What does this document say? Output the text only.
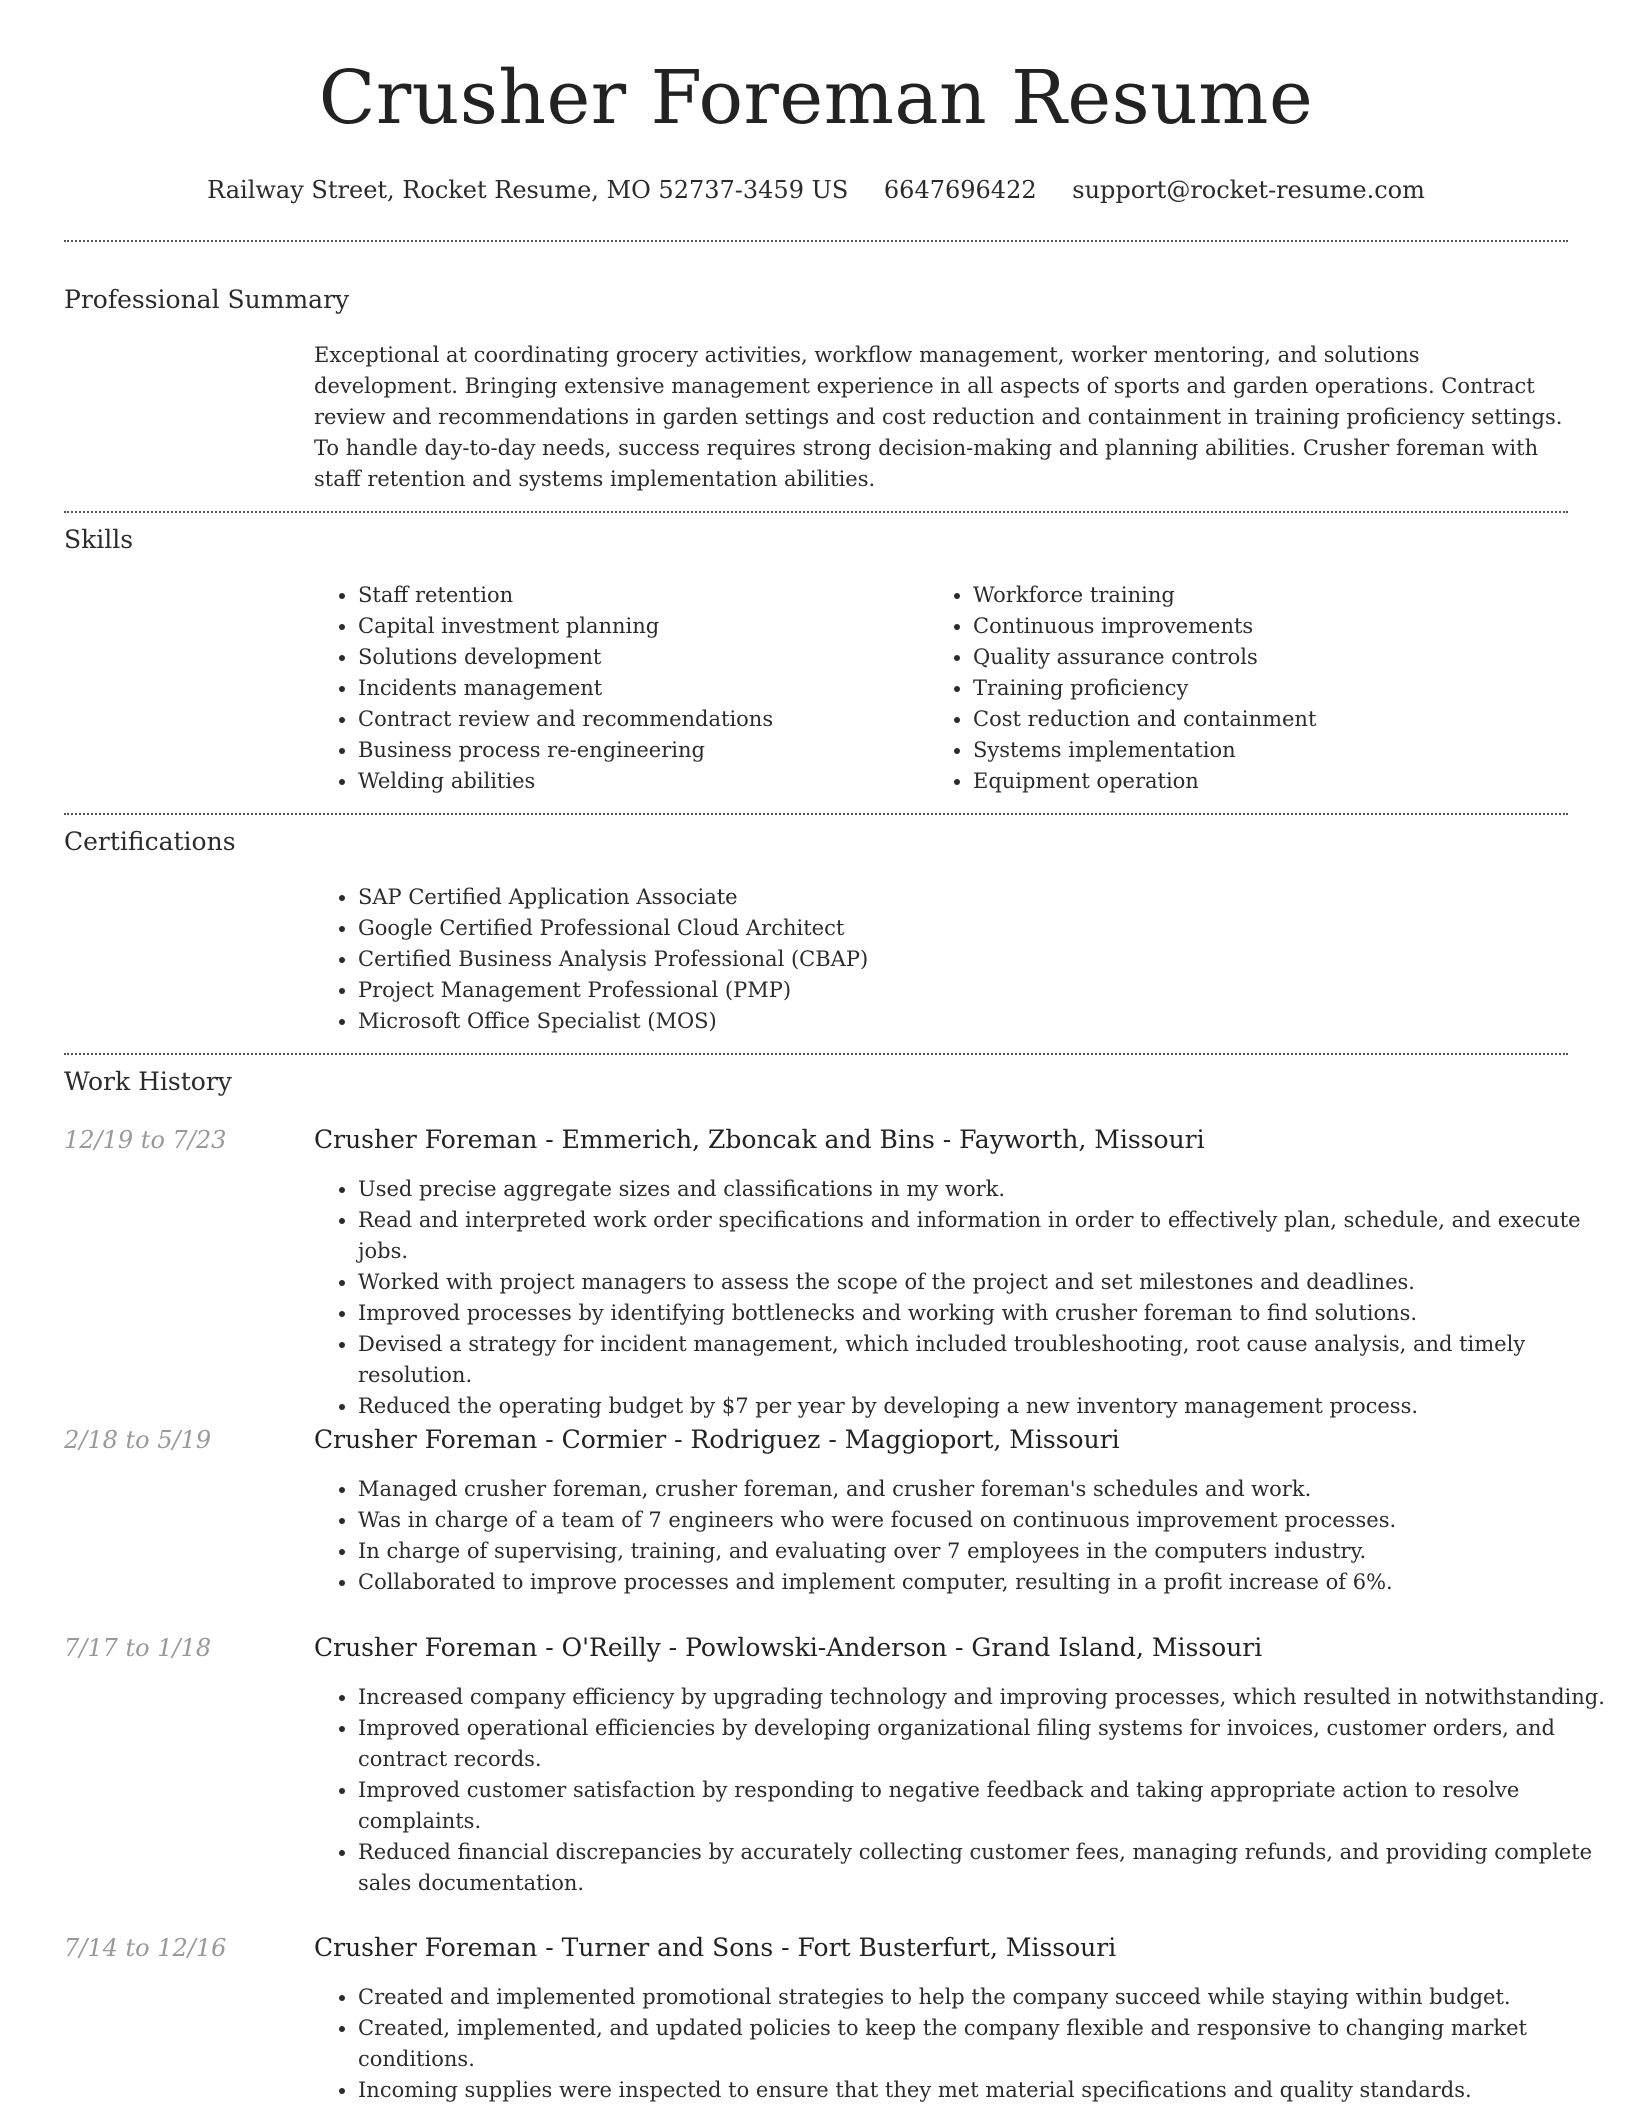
Crusher Foreman Resume
Railway Street, Rocket Resume, MO 52737-3459 US 6647696422 support@rocket-resume.com
Professional Summary

Exceptional at coordinating grocery activities, workflow management, worker mentoring, and solutions development. Bringing extensive management experience in all aspects of sports and garden operations. Contract review and recommendations in garden settings and cost reduction and containment in training proficiency settings. To handle day-to-day needs, success requires strong decision-making and planning abilities. Crusher foreman with staff retention and systems implementation abilities.

Skills
• Staff retention
• Capital investment planning
• Solutions development
• Incidents management
• Contract review and recommendations
• Business process re-engineering
• Welding abilities
• Workforce training
• Continuous improvements
• Quality assurance controls
• Training proficiency
• Cost reduction and containment
• Systems implementation
• Equipment operation
Certifications
• SAP Certified Application Associate
• Google Certified Professional Cloud Architect
• Certified Business Analysis Professional (CBAP)
• Project Management Professional (PMP)
• Microsoft Office Specialist (MOS)
Work History
12/19 to 7/23	Crusher Foreman - Emmerich, Zboncak and Bins - Fayworth, Missouri
• Used precise aggregate sizes and classifications in my work.
• Read and interpreted work order specifications and information in order to effectively plan, schedule, and execute jobs.
• Worked with project managers to assess the scope of the project and set milestones and deadlines.
• Improved processes by identifying bottlenecks and working with crusher foreman to find solutions.
• Devised a strategy for incident management, which included troubleshooting, root cause analysis, and timely resolution.
• Reduced the operating budget by $7 per year by developing a new inventory management process.
2/18 to 5/19	Crusher Foreman - Cormier - Rodriguez - Maggioport, Missouri
• Managed crusher foreman, crusher foreman, and crusher foreman's schedules and work.
• Was in charge of a team of 7 engineers who were focused on continuous improvement processes.
• In charge of supervising, training, and evaluating over 7 employees in the computers industry.
• Collaborated to improve processes and implement computer, resulting in a profit increase of 6%.
7/17 to 1/18	Crusher Foreman - O'Reilly - Powlowski-Anderson - Grand Island, Missouri
• Increased company efficiency by upgrading technology and improving processes, which resulted in notwithstanding.
• Improved operational efficiencies by developing organizational filing systems for invoices, customer orders, and contract records.
• Improved customer satisfaction by responding to negative feedback and taking appropriate action to resolve complaints.
• Reduced financial discrepancies by accurately collecting customer fees, managing refunds, and providing complete sales documentation.
7/14 to 12/16	Crusher Foreman - Turner and Sons - Fort Busterfurt, Missouri
• Created and implemented promotional strategies to help the company succeed while staying within budget.
• Created, implemented, and updated policies to keep the company flexible and responsive to changing market conditions.
• Incoming supplies were inspected to ensure that they met material specifications and quality standards.
